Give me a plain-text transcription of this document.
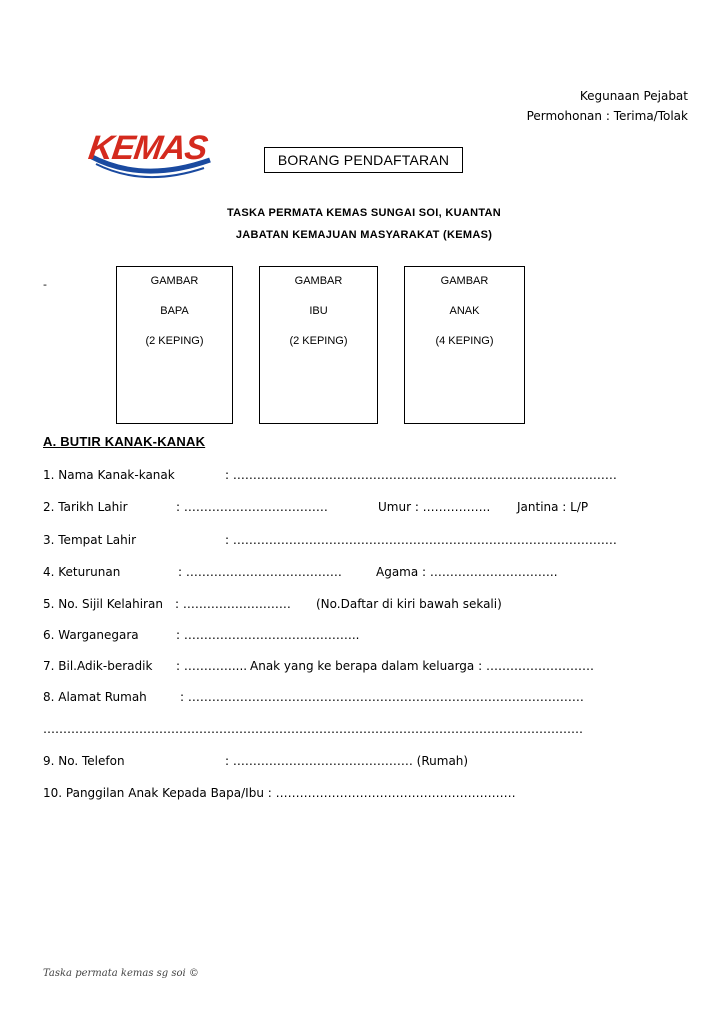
Kegunaan Pejabat
Permohonan : Terima/Tolak
KEMAS	BORANG PENDAFTARAN
TASKA PERMATA KEMAS SUNGAI SOI, KUANTAN
JABATAN KEMAJUAN MASYARAKAT (KEMAS)
-	GAMBAR
BAPA
(2 KEPING)
GAMBAR
IBU
(2 KEPING)
GAMBAR
ANAK
(4 KEPING)
A. BUTIR KANAK-KANAK
1. Nama Kanak-kanak	: ……………………………………………………………………………………
2. Tarikh Lahir	: ………………………………	Umur : …………….. Jantina : L/P
3. Tempat Lahir	: ……………………………………………………………………………………
4. Keturunan	: …………………………………	Agama : …………………………..
5. No. Sijil Kelahiran : ……………………… (No.Daftar di kiri bawah sekali)
6. Warganegara	: ……………………………………..
7. Bil.Adik-beradik : ………….... Anak yang ke berapa dalam keluarga : ………………………
8. Alamat Rumah	: ………………………………………………………………………………………
………………………………………………………………………………………………………………………
9. No. Telefon	: ……………………………………… (Rumah)
10. Panggilan Anak Kepada Bapa/Ibu : ……………………………………………………
Taska permata kemas sg soi ©
